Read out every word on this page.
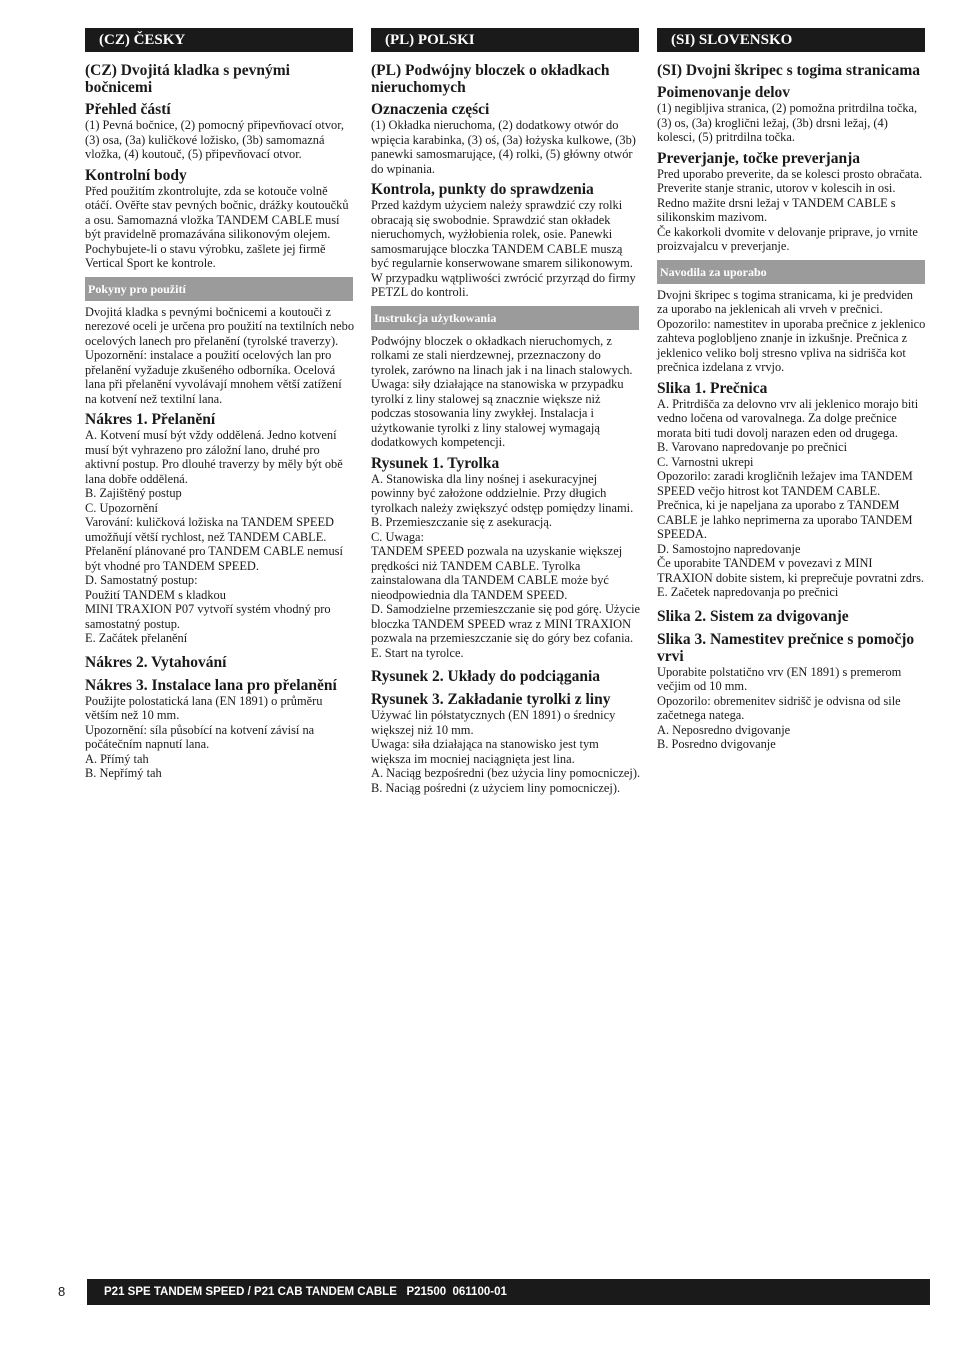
(CZ) ČESKY
(CZ) Dvojitá kladka s pevnými bočnicemi
Přehled částí

(1) Pevná bočnice, (2) pomocný připevňovací otvor, (3) osa, (3a) kuličkové ložisko, (3b) samomazná vložka, (4) koutouč, (5) připevňovací otvor.

Kontrolní body

Před použitím zkontrolujte, zda se kotouče volně otáčí. Ověřte stav pevných bočnic, drážky koutoučků a osu. Samomazná vložka TANDEM CABLE musí být pravidelně promazávána silikonovým olejem. Pochybujete-li o stavu výrobku, zašlete jej firmě Vertical Sport ke kontrole.

Pokyny pro použití

Dvojitá kladka s pevnými bočnicemi a koutouči z nerezové oceli je určena pro použití na textilních nebo ocelových lanech pro přelanění (tyrolské traverzy). Upozornění: instalace a použití ocelových lan pro přelanění vyžaduje zkušeného odborníka. Ocelová lana při přelanění vyvolávají mnohem větší zatížení na kotvení než textilní lana.

Nákres 1. Přelanění

A. Kotvení musí být vždy oddělená. Jedno kotvení musí být vyhrazeno pro záložní lano, druhé pro aktivní postup. Pro dlouhé traverzy by měly být obě lana dobře oddělená.
B. Zajištěný postup
C. Upozornění
Varování: kuličková ložiska na TANDEM SPEED umožňují větší rychlost, než TANDEM CABLE. Přelanění plánované pro TANDEM CABLE nemusí být vhodné pro TANDEM SPEED.
D. Samostatný postup:
Použití TANDEM s kladkou
MINI TRAXION P07 vytvoří systém vhodný pro samostatný postup.
E. Začátek přelanění

Nákres 2. Vytahování
Nákres 3. Instalace lana pro přelanění

Použijte polostatická lana (EN 1891) o průměru větším než 10 mm.
Upozornění: síla působící na kotvení závisí na počátečním napnutí lana.
A. Přímý tah
B. Nepřímý tah

(PL) POLSKI
(PL) Podwójny bloczek o okładkach nieruchomych
Oznaczenia części

(1) Okładka nieruchoma, (2) dodatkowy otwór do wpięcia karabinka, (3) oś, (3a) łożyska kulkowe, (3b) panewki samosmarujące, (4) rolki, (5) główny otwór do wpinania.

Kontrola, punkty do sprawdzenia

Przed każdym użyciem należy sprawdzić czy rolki obracają się swobodnie. Sprawdzić stan okładek nieruchomych, wyżłobienia rolek, osie. Panewki samosmarujące bloczka TANDEM CABLE muszą być regularnie konserwowane smarem silikonowym.
W przypadku wątpliwości zwrócić przyrząd do firmy PETZL do kontroli.

Instrukcja użytkowania

Podwójny bloczek o okładkach nieruchomych, z rolkami ze stali nierdzewnej, przeznaczony do tyrolek, zarówno na linach jak i na linach stalowych. Uwaga: siły działające na stanowiska w przypadku tyrolki z liny stalowej są znacznie większe niż podczas stosowania liny zwykłej. Instalacja i użytkowanie tyrolki z liny stalowej wymagają dodatkowych kompetencji.

Rysunek 1. Tyrolka

A. Stanowiska dla liny nośnej i asekuracyjnej powinny być założone oddzielnie. Przy długich tyrolkach należy zwiększyć odstęp pomiędzy linami.
B. Przemieszczanie się z asekuracją.
C. Uwaga:
TANDEM SPEED pozwala na uzyskanie większej prędkości niż TANDEM CABLE. Tyrolka zainstalowana dla TANDEM CABLE może być nieodpowiednia dla TANDEM SPEED.
D. Samodzielne przemieszczanie się pod górę. Użycie bloczka TANDEM SPEED wraz z MINI TRAXION pozwala na przemieszczanie się do góry bez cofania.
E. Start na tyrolce.

Rysunek 2. Układy do podciągania
Rysunek 3. Zakładanie tyrolki z liny

Używać lin półstatycznych (EN 1891) o średnicy większej niż 10 mm.
Uwaga: siła działająca na stanowisko jest tym większa im mocniej naciągnięta jest lina.
A. Naciąg bezpośredni (bez użycia liny pomocniczej).
B. Naciąg pośredni (z użyciem liny pomocniczej).

(SI) SLOVENSKO
(SI) Dvojni škripec s togima stranicama
Poimenovanje delov

(1) negibljiva stranica, (2) pomožna pritrdilna točka, (3) os, (3a) kroglični ležaj, (3b) drsni ležaj, (4) kolesci, (5) pritrdilna točka.

Preverjanje, točke preverjanja

Pred uporabo preverite, da se kolesci prosto obračata. Preverite stanje stranic, utorov v kolescih in osi.
Redno mažite drsni ležaj v TANDEM CABLE s silikonskim mazivom.
Če kakorkoli dvomite v delovanje pripravе, jo vrnite proizvajalcu v preverjanje.

Navodila za uporabo

Dvojni škripec s togima stranicama, ki je predviden za uporabo na jeklenicah ali vrveh v prečnici. Opozorilo: namestitev in uporaba prečnice z jeklenico zahteva poglobljeno znanje in izkušnje. Prečnica z jeklenico veliko bolj stresno vpliva na sidrišča kot prečnica izdelana z vrvjo.

Slika 1. Prečnica

A. Pritrdišča za delovno vrv ali jeklenico morajo biti vedno ločena od varovalnega. Za dolge prečnice morata biti tudi dovolj narazen eden od drugega.
B. Varovano napredovanje po prečnici
C. Varnostni ukrepi
Opozorilo: zaradi krogličnih ležajev ima TANDEM SPEED večjo hitrost kot TANDEM CABLE. Prečnica, ki je napeljana za uporabo z TANDEM CABLE je lahko neprimerna za uporabo TANDEM SPEEDA.
D. Samostojno napredovanje
Če uporabite TANDEM v povezavi z MINI TRAXION dobite sistem, ki preprečuje povratni zdrs.
E. Začetek napredovanja po prečnici

Slika 2. Sistem za dvigovanje
Slika 3. Namestitev prečnice s pomočjo vrvi

Uporabite polstatično vrv (EN 1891) s premerom večjim od 10 mm.
Opozorilo: obremenitev sidrišč je odvisna od sile začetnega natega.
A. Neposredno dvigovanje
B. Posredno dvigovanje

8	P21 SPE TANDEM SPEED / P21 CAB TANDEM CABLE   P21500  061100-01
